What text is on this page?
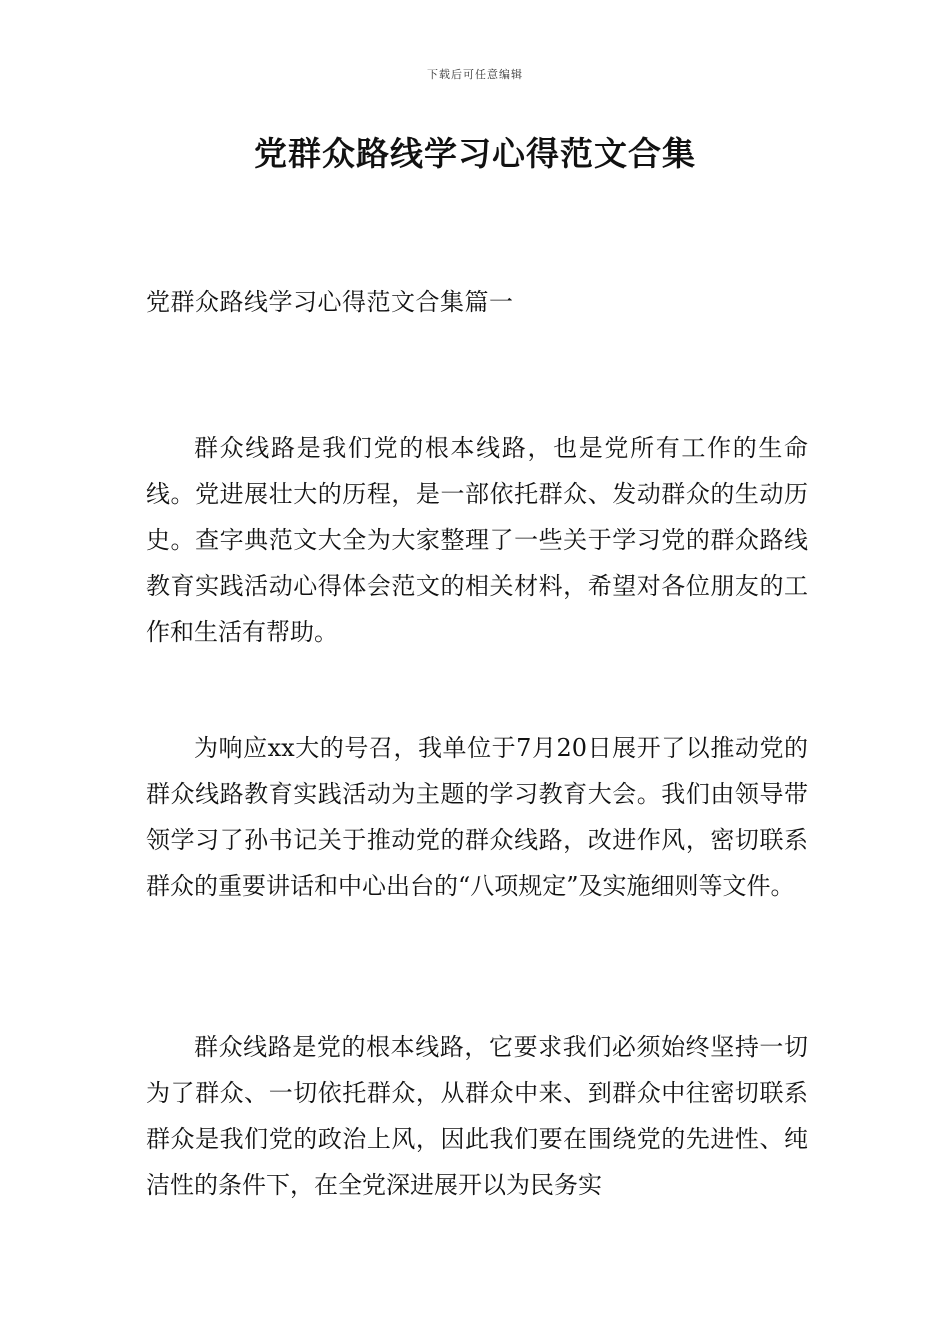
下载后可任意编辑
党群众路线学习心得范文合集
党群众路线学习心得范文合集篇一

群众线路是我们党的根本线路，也是党所有工作的生命线。党进展壮大的历程，是一部依托群众、发动群众的生动历史。查字典范文大全为大家整理了一些关于学习党的群众路线教育实践活动心得体会范文的相关材料，希望对各位朋友的工作和生活有帮助。

为响应xx大的号召，我单位于7月20日展开了以推动党的群众线路教育实践活动为主题的学习教育大会。我们由领导带领学习了孙书记关于推动党的群众线路，改进作风，密切联系群众的重要讲话和中心出台的“八项规定”及实施细则等文件。

群众线路是党的根本线路，它要求我们必须始终坚持一切为了群众、一切依托群众，从群众中来、到群众中往密切联系群众是我们党的政治上风，因此我们要在围绕党的先进性、纯洁性的条件下，在全党深进展开以为民务实
